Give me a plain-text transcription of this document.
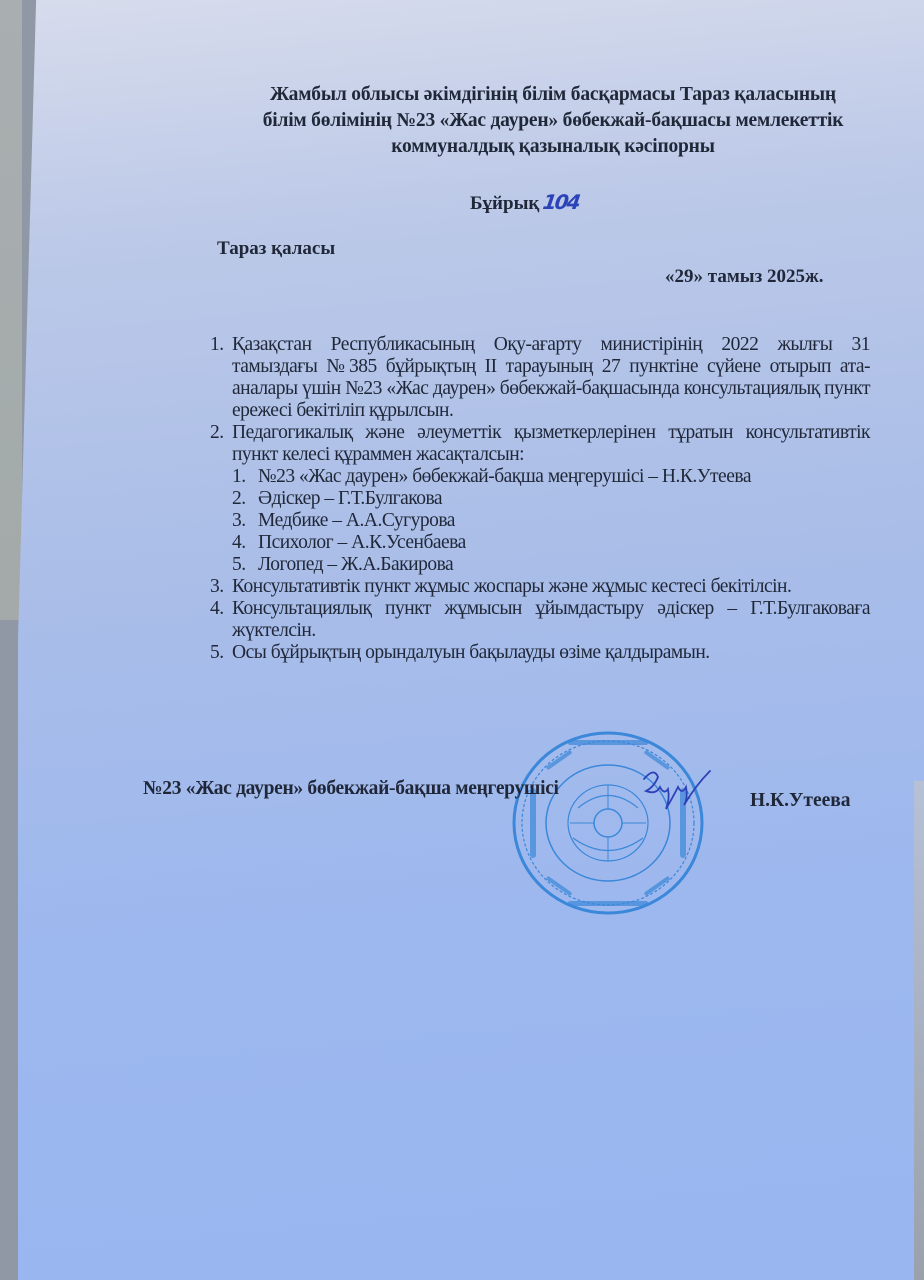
Жамбыл облысы әкімдігінің білім басқармасы Тараз қаласының
білім бөлімінің №23 «Жас даурен» бөбекжай-бақшасы мемлекеттік
коммуналдық қазыналық кәсіпорны
Бұйрық 104
Тараз қаласы
«29» тамыз 2025ж.
1. Қазақстан Республикасының Оқу-ағарту министірінің 2022 жылғы 31 тамыздағы №385 бұйрықтың II тарауының 27 пунктіне сүйене отырып ата-аналары үшін №23 «Жас даурен» бөбекжай-бақшасында консультациялық пункт ережесі бекітіліп құрылсын.
2. Педагогикалық және әлеуметтік қызметкерлерінен тұратын консультативтік пункт келесі құраммен жасақталсын:
1. №23 «Жас даурен» бөбекжай-бақша меңгерушісі – Н.К.Утеева
2. Әдіскер – Г.Т.Булгакова
3. Медбике – А.А.Сугурова
4. Психолог – А.К.Усенбаева
5. Логопед – Ж.А.Бакирова
3. Консультативтік пункт жұмыс жоспары және жұмыс кестесі бекітілсін.
4. Консультациялық пункт жұмысын ұйымдастыру әдіскер – Г.Т.Булгаковаға жүктелсін.
5. Осы бұйрықтың орындалуын бақылауды өзіме қалдырамын.
№23 «Жас даурен» бөбекжай-бақша меңгерушісі
Н.К.Утеева
